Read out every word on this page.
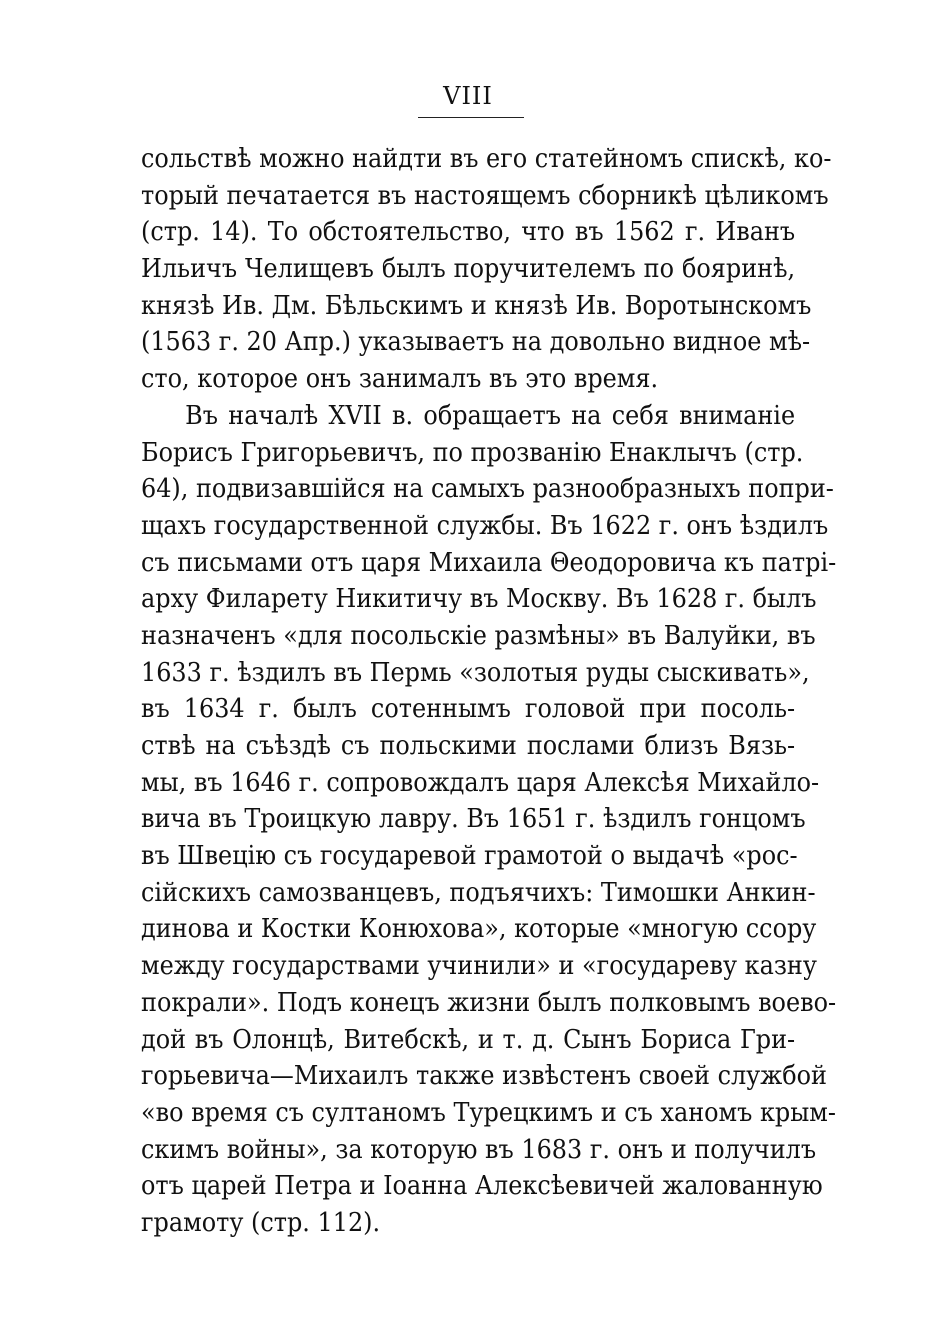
VIII
сольствѣ можно найдти въ его статейномъ спискѣ, ко-
торый печатается въ настоящемъ сборникѣ цѣликомъ
(стр. 14). То обстоятельство, что въ 1562 г. Иванъ
Ильичъ Челищевъ былъ поручителемъ по бояринѣ,
князѣ Ив. Дм. Бѣльскимъ и князѣ Ив. Воротынскомъ
(1563 г. 20 Апр.) указываетъ на довольно видное мѣ-
сто, которое онъ занималъ въ это время.
Въ началѣ XVII в. обращаетъ на себя вниманіе
Борисъ Григорьевичъ, по прозванію Енаклычъ (стр.
64), подвизавшійся на самыхъ разнообразныхъ попри-
щахъ государственной службы. Въ 1622 г. онъ ѣздилъ
съ письмами отъ царя Михаила Θеодоровича къ патрі-
арху Филарету Никитичу въ Москву. Въ 1628 г. былъ
назначенъ «для посольскіе размѣны» въ Валуйки, въ
1633 г. ѣздилъ въ Пермь «золотыя руды сыскивать»,
въ 1634 г. былъ сотеннымъ головой при посоль-
ствѣ на съѣздѣ съ польскими послами близъ Вязь-
мы, въ 1646 г. сопровождалъ царя Алексѣя Михайло-
вича въ Троицкую лавру. Въ 1651 г. ѣздилъ гонцомъ
въ Швецію съ государевой грамотой о выдачѣ «рос-
сійскихъ самозванцевъ, подъячихъ: Тимошки Анкин-
динова и Костки Конюхова», которые «многую ссору
между государствами учинили» и «государеву казну
покрали». Подъ конецъ жизни былъ полковымъ воево-
дой въ Олонцѣ, Витебскѣ, и т. д. Сынъ Бориса Гри-
горьевича—Михаилъ также извѣстенъ своей службой
«во время съ султаномъ Турецкимъ и съ ханомъ крым-
скимъ войны», за которую въ 1683 г. онъ и получилъ
отъ царей Петра и Іоанна Алексѣевичей жалованную
грамоту (стр. 112).
